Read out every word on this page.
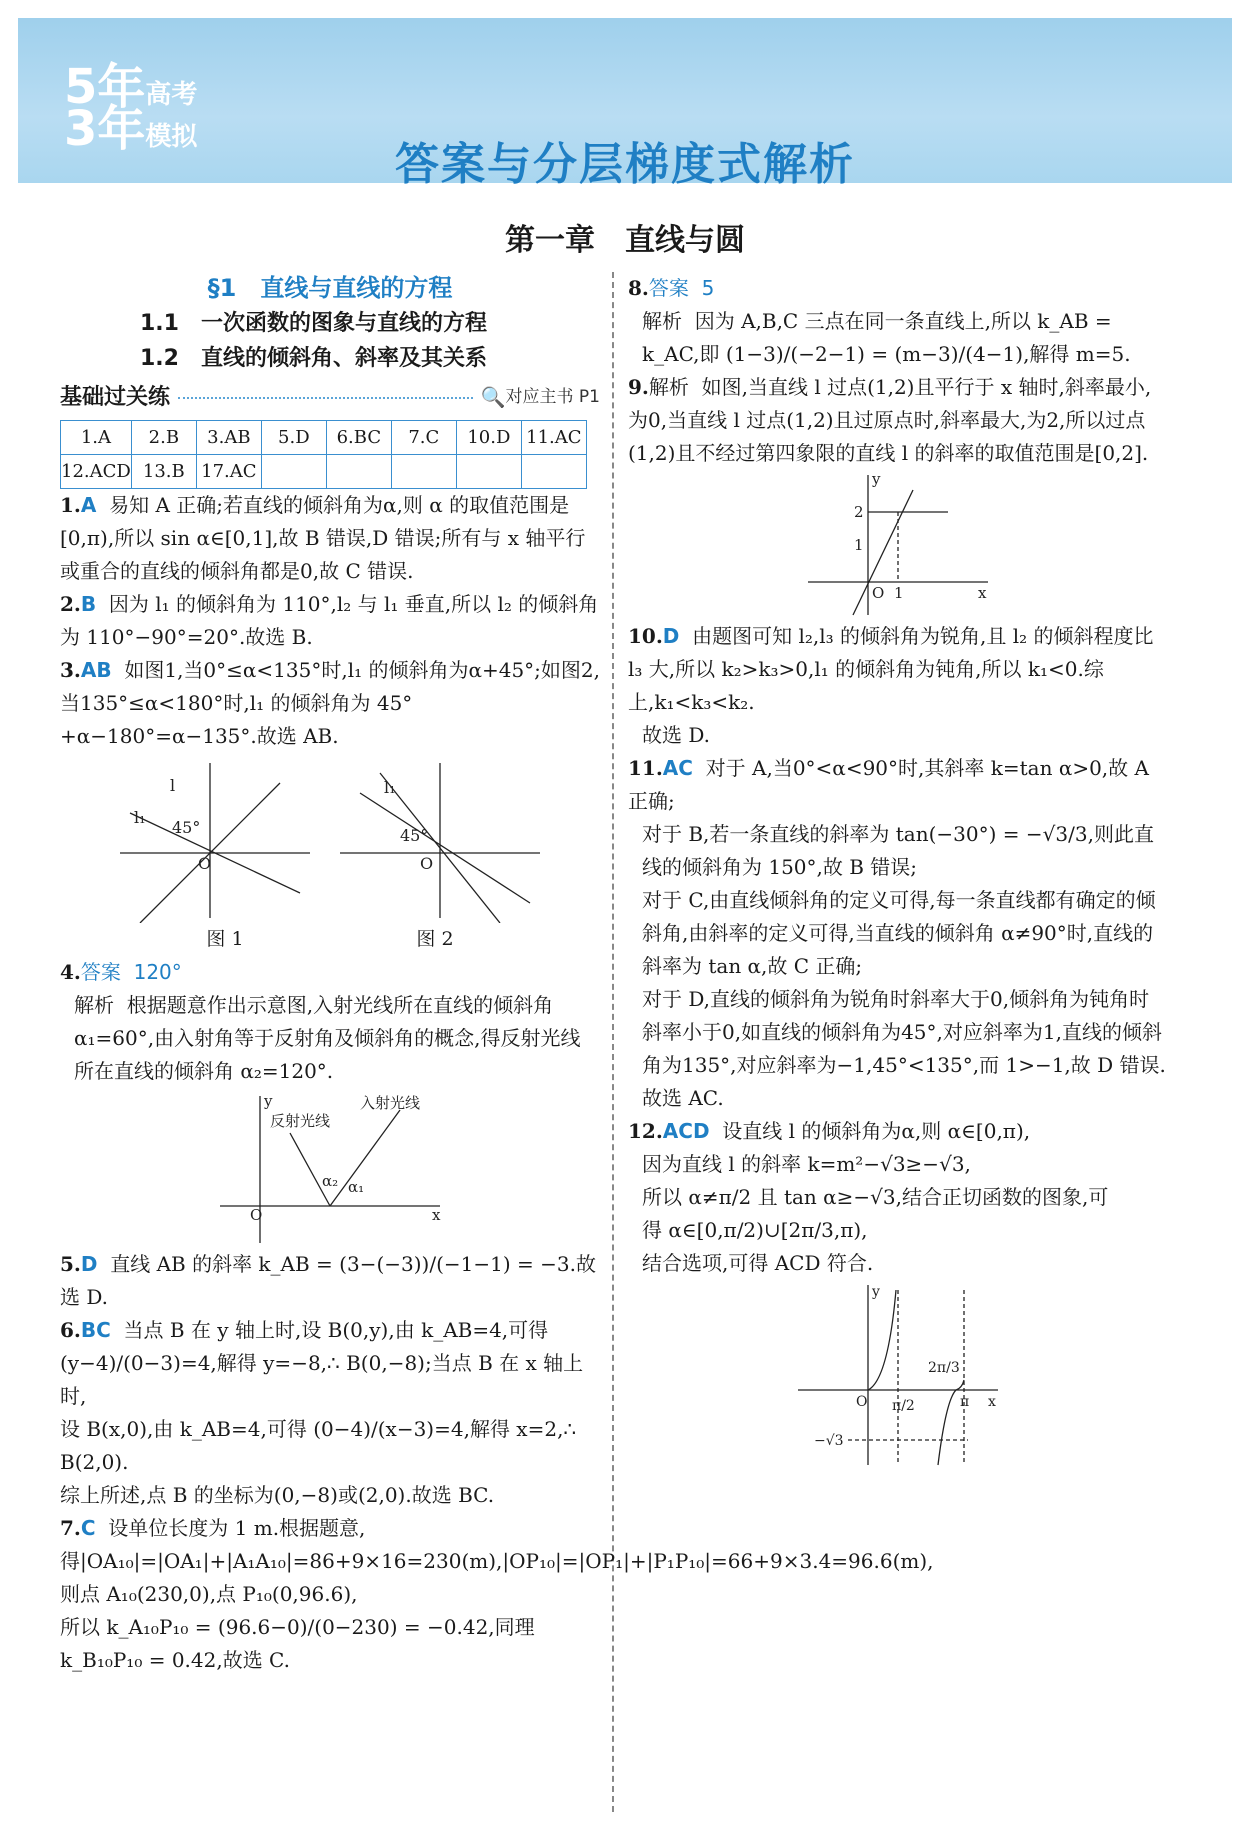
5年高考
3年模拟
答案与分层梯度式解析
第一章　直线与圆

§1　直线与直线的方程

1.1　一次函数的图象与直线的方程

1.2　直线的倾斜角、斜率及其关系

基础过关练	🔍 对应主书 P1
1.A	2.B	3.AB	5.D	6.BC	7.C	10.D	11.AC
12.ACD	13.B	17.AC					

1.A 易知 A 正确;若直线的倾斜角为α,则 α 的取值范围是[0,π),所以 sin α∈[0,1],故 B 错误,D 错误;所有与 x 轴平行或重合的直线的倾斜角都是0,故 C 错误.

2.B 因为 l₁ 的倾斜角为 110°,l₂ 与 l₁ 垂直,所以 l₂ 的倾斜角为 110°−90°=20°.故选 B.

3.AB 如图1,当0°≤α<135°时,l₁ 的倾斜角为α+45°;如图2,当135°≤α<180°时,l₁ 的倾斜角为 45°+α−180°=α−135°.故选 AB.

l
l₁
O
45°
O
45°
l₁
图 1	图 2

4.答案 120°

解析 根据题意作出示意图,入射光线所在直线的倾斜角 α₁=60°,由入射角等于反射角及倾斜角的概念,得反射光线所在直线的倾斜角 α₂=120°.

O	x
y
反射光线
入射光线
α₂ α₁

5.D 直线 AB 的斜率 k_AB = (3−(−3))/(−1−1) = −3.故选 D.

6.BC 当点 B 在 y 轴上时,设 B(0,y),由 k_AB=4,可得 (y−4)/(0−3)=4,解得 y=−8,∴ B(0,−8);当点 B 在 x 轴上时,

设 B(x,0),由 k_AB=4,可得 (0−4)/(x−3)=4,解得 x=2,∴ B(2,0).

综上所述,点 B 的坐标为(0,−8)或(2,0).故选 BC.

7.C 设单位长度为 1 m.根据题意,得|OA₁₀|=|OA₁|+|A₁A₁₀|=86+9×16=230(m),|OP₁₀|=|OP₁|+|P₁P₁₀|=66+9×3.4=96.6(m),则点 A₁₀(230,0),点 P₁₀(0,96.6),

所以 k_A₁₀P₁₀ = (96.6−0)/(0−230) = −0.42,同理 k_B₁₀P₁₀ = 0.42,故选 C.

8.答案 5

解析 因为 A,B,C 三点在同一条直线上,所以 k_AB = k_AC,即 (1−3)/(−2−1) = (m−3)/(4−1),解得 m=5.

9.解析 如图,当直线 l 过点(1,2)且平行于 x 轴时,斜率最小,为0,当直线 l 过点(1,2)且过原点时,斜率最大,为2,所以过点(1,2)且不经过第四象限的直线 l 的斜率的取值范围是[0,2].

O 1	x
y
2
1

10.D 由题图可知 l₂,l₃ 的倾斜角为锐角,且 l₂ 的倾斜程度比 l₃ 大,所以 k₂>k₃>0,l₁ 的倾斜角为钝角,所以 k₁<0.综上,k₁<k₃<k₂.

故选 D.

11.AC 对于 A,当0°<α<90°时,其斜率 k=tan α>0,故 A 正确;

对于 B,若一条直线的斜率为 tan(−30°) = −√3/3,则此直线的倾斜角为 150°,故 B 错误;

对于 C,由直线倾斜角的定义可得,每一条直线都有确定的倾斜角,由斜率的定义可得,当直线的倾斜角 α≠90°时,直线的斜率为 tan α,故 C 正确;

对于 D,直线的倾斜角为锐角时斜率大于0,倾斜角为钝角时斜率小于0,如直线的倾斜角为45°,对应斜率为1,直线的倾斜角为135°,对应斜率为−1,45°<135°,而 1>−1,故 D 错误.

故选 AC.

12.ACD 设直线 l 的倾斜角为α,则 α∈[0,π),

因为直线 l 的斜率 k=m²−√3≥−√3,

所以 α≠π/2 且 tan α≥−√3,结合正切函数的图象,可

得 α∈[0,π/2)∪[2π/3,π),

结合选项,可得 ACD 符合.

y
x
O π/2
2π/3
π
−√3
